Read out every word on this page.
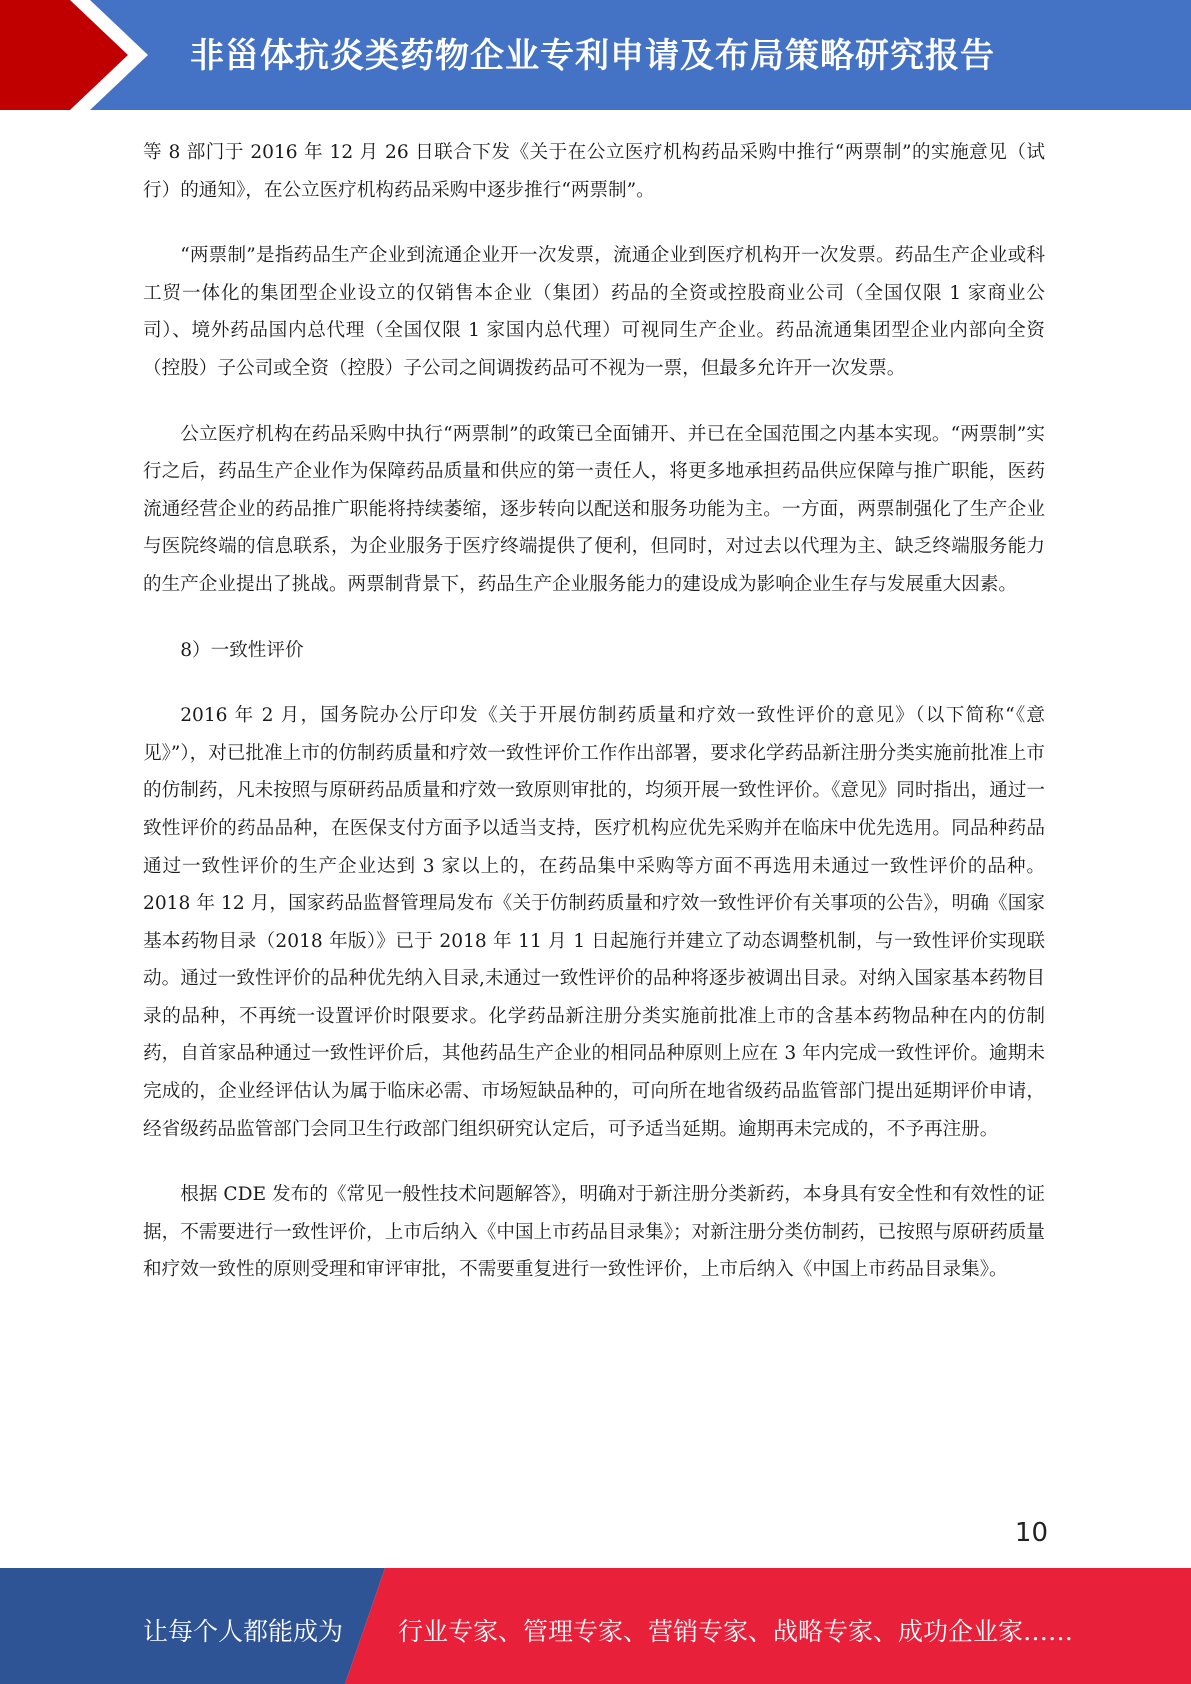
非甾体抗炎类药物企业专利申请及布局策略研究报告

等 8 部门于 2016 年 12 月 26 日联合下发《关于在公立医疗机构药品采购中推行“两票制”的实施意见（试行）的通知》，在公立医疗机构药品采购中逐步推行“两票制”。

“两票制”是指药品生产企业到流通企业开一次发票，流通企业到医疗机构开一次发票。药品生产企业或科工贸一体化的集团型企业设立的仅销售本企业（集团）药品的全资或控股商业公司（全国仅限 1 家商业公司）、境外药品国内总代理（全国仅限 1 家国内总代理）可视同生产企业。药品流通集团型企业内部向全资（控股）子公司或全资（控股）子公司之间调拨药品可不视为一票，但最多允许开一次发票。

公立医疗机构在药品采购中执行“两票制”的政策已全面铺开、并已在全国范围之内基本实现。“两票制”实行之后，药品生产企业作为保障药品质量和供应的第一责任人，将更多地承担药品供应保障与推广职能，医药流通经营企业的药品推广职能将持续萎缩，逐步转向以配送和服务功能为主。一方面，两票制强化了生产企业与医院终端的信息联系，为企业服务于医疗终端提供了便利，但同时，对过去以代理为主、缺乏终端服务能力的生产企业提出了挑战。两票制背景下，药品生产企业服务能力的建设成为影响企业生存与发展重大因素。

8）一致性评价

2016 年 2 月，国务院办公厅印发《关于开展仿制药质量和疗效一致性评价的意见》（以下简称“《意见》”），对已批准上市的仿制药质量和疗效一致性评价工作作出部署，要求化学药品新注册分类实施前批准上市的仿制药，凡未按照与原研药品质量和疗效一致原则审批的，均须开展一致性评价。《意见》同时指出，通过一致性评价的药品品种，在医保支付方面予以适当支持，医疗机构应优先采购并在临床中优先选用。同品种药品通过一致性评价的生产企业达到 3 家以上的，在药品集中采购等方面不再选用未通过一致性评价的品种。2018 年 12 月，国家药品监督管理局发布《关于仿制药质量和疗效一致性评价有关事项的公告》，明确《国家基本药物目录（2018 年版）》已于 2018 年 11 月 1 日起施行并建立了动态调整机制，与一致性评价实现联动。通过一致性评价的品种优先纳入目录,未通过一致性评价的品种将逐步被调出目录。对纳入国家基本药物目录的品种，不再统一设置评价时限要求。化学药品新注册分类实施前批准上市的含基本药物品种在内的仿制药，自首家品种通过一致性评价后，其他药品生产企业的相同品种原则上应在 3 年内完成一致性评价。逾期未完成的，企业经评估认为属于临床必需、市场短缺品种的，可向所在地省级药品监管部门提出延期评价申请，经省级药品监管部门会同卫生行政部门组织研究认定后，可予适当延期。逾期再未完成的，不予再注册。

根据 CDE 发布的《常见一般性技术问题解答》，明确对于新注册分类新药，本身具有安全性和有效性的证据，不需要进行一致性评价，上市后纳入《中国上市药品目录集》；对新注册分类仿制药，已按照与原研药质量和疗效一致性的原则受理和审评审批，不需要重复进行一致性评价，上市后纳入《中国上市药品目录集》。

10
让每个人都能成为 行业专家、管理专家、营销专家、战略专家、成功企业家……
